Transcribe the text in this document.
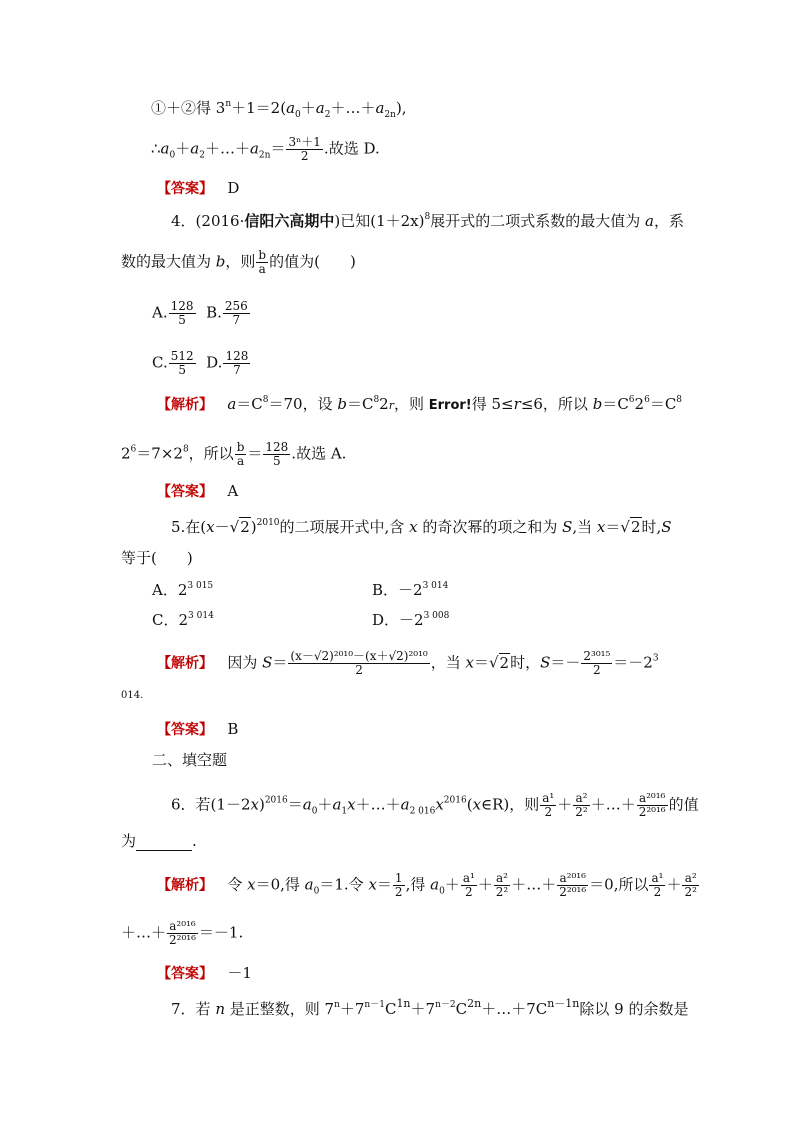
①＋②得 $3^n+1=2(a_0+a_2+\dots+a_{2n})$,
$\therefore a_0+a_2+\dots+a_{2n}= \frac{\text{3ⁿ＋1}}{2}$ .故选 D.
【答案】 D
4．(2016·信阳六高期中)已知$(1+2x)^8$展开式的二项式系数的最大值为 a，系
数的最大值为 b，则 $\frac{b}{a}$ 的值为(　　)
A. $\frac{128}{5} B$. $\frac{256}{7}$
C. $\frac{512}{5} D$. $\frac{128}{7}$
【解析】 $a=C^8=70$，设 $b=C^82r$，则 Error!得 5≤r≤6，所以 $b=C^62^6=C^8$
$2^6=7\times 2^8$，所以 $\frac{b}{a} = \frac{128}{5}$ .故选 A.
【答案】 A
5.在$(x-√2)^{2010}$的二项展开式中,含 x 的奇次幂的项之和为 S,当 x＝√2时,S
等于(　　)
A．$2^{3 015}$	B．$-2^{3 014}$
C．$2^{3 014}$	D．$-2^{3 008}$
【解析】 因为 $S= \frac{\text{(x－√2)²⁰¹⁰－(x＋√2)²⁰¹⁰}}{2}$ ，当 x＝√2时，$S=- \frac{\text{2³⁰¹⁵}}{2} =-2^3$
014.
【答案】 B
二、填空题
6．若$(1-2x)^{2016}=a_0+a_1x+\dots+a_{2 016}x^{2016}(x\in R)$，则 $\frac{\text{a¹}}{2} + \frac{\text{a²}}{\text{2²}}$ ＋…＋ $\frac{\text{a²⁰¹⁶}}{\text{2²⁰¹⁶}}$ 的值
为	.
【解析】 令 x＝0,得 $a_0=1$.令 $x= \frac{1}{2}$ ,得 $a_0+ \frac{\text{a¹}}{2} + \frac{\text{a²}}{\text{2²}}$ ＋…＋ $\frac{\text{a²⁰¹⁶}}{\text{2²⁰¹⁶}} =0$,所以 $\frac{\text{a¹}}{2} + \frac{\text{a²}}{\text{2²}}$
＋…＋ $\frac{\text{a²⁰¹⁶}}{\text{2²⁰¹⁶}} =-1$.
【答案】 －1
7．若 n 是正整数，则 $7^n+7^{n-1}C^{1n}+7^{n-2}C^{2n}+\dots+7C^{n-1n}$除以 9 的余数是
